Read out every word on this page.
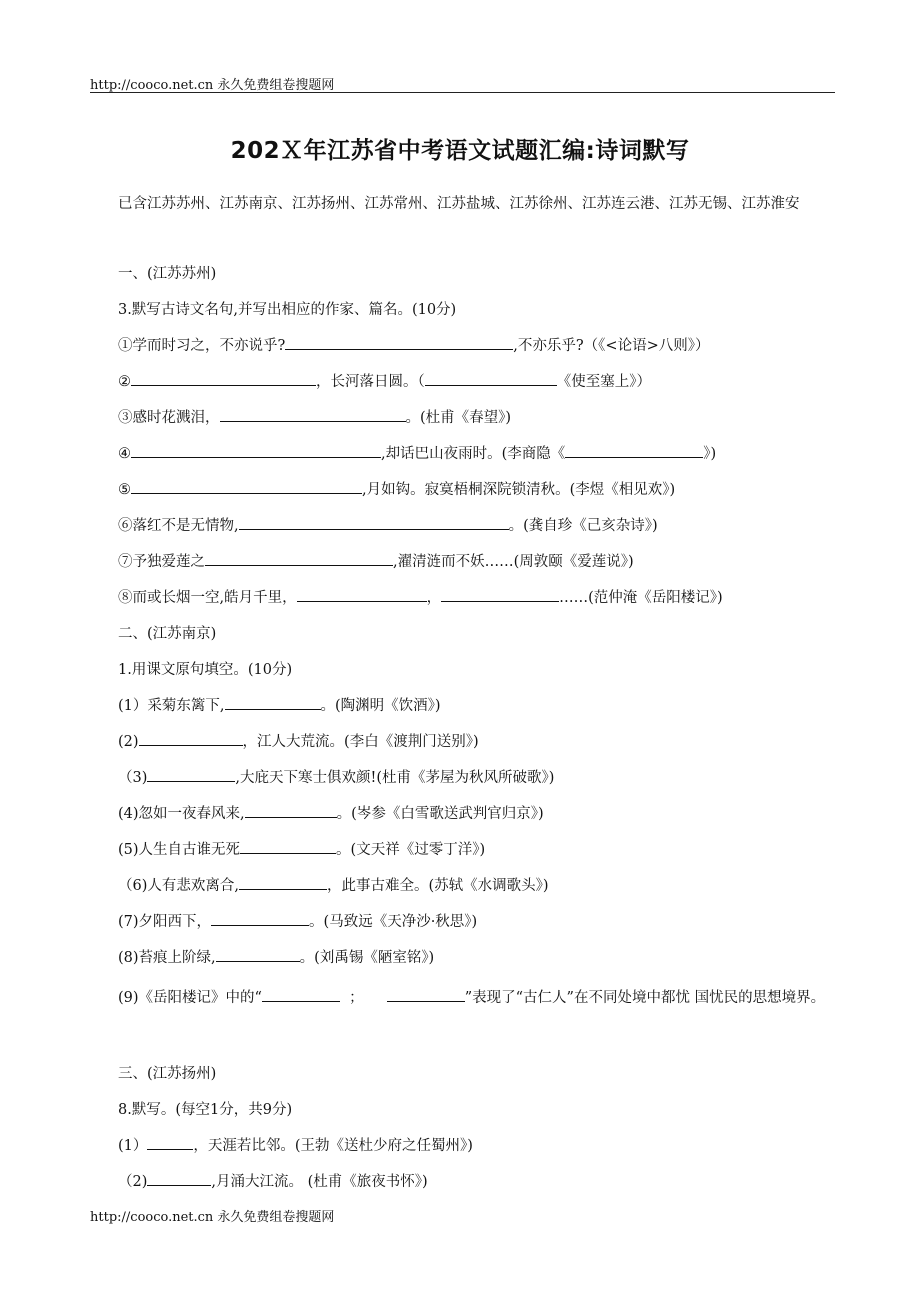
http://cooco.net.cn 永久免费组卷搜题网
202Ｘ年江苏省中考语文试题汇编:诗词默写
已含江苏苏州、江苏南京、江苏扬州、江苏常州、江苏盐城、江苏徐州、江苏连云港、江苏无锡、江苏淮安
一、(江苏苏州)
3.默写古诗文名句,并写出相应的作家、篇名。(10分)
①学而时习之，不亦说乎?	,不亦乐乎?（《<论语>八则》）
②	，长河落日圆。（	《使至塞上》）
③感时花溅泪，	。(杜甫《春望》)
④	,却话巴山夜雨时。(李商隐《	》)
⑤	,月如钩。寂寞梧桐深院锁清秋。(李煜《相见欢》)
⑥落红不是无情物,	。(龚自珍《己亥杂诗》)
⑦予独爱莲之	,濯清涟而不妖……(周敦颐《爱莲说》)
⑧而或长烟一空,皓月千里，	，	……(范仲淹《岳阳楼记》)
二、(江苏南京)
1.用课文原句填空。(10分)
(1）采菊东篱下,	。(陶渊明《饮酒》)
(2)	，江人大荒流。(李白《渡荆门送别》)
（3)	,大庇天下寒士俱欢颜!(杜甫《茅屋为秋风所破歌》)
(4)忽如一夜春风来,	。(岑参《白雪歌送武判官归京》)
(5)人生自古谁无死	。(文天祥《过零丁洋》)
（6)人有悲欢离合,	，此事古难全。(苏轼《水调歌头》)
(7)夕阳西下，	。(马致远《天净沙·秋思》)
(8)苔痕上阶绿,	。(刘禹锡《陋室铭》)
(9)《岳阳楼记》中的“	；	”表现了“古仁人”在不同处境中都忧 国忧民的思想境界。
三、(江苏扬州)
8.默写。(每空1分，共9分)
(1）	，天涯若比邻。(王勃《送杜少府之任蜀州》)
（2)	,月涌大江流。 (杜甫《旅夜书怀》)
http://cooco.net.cn 永久免费组卷搜题网
